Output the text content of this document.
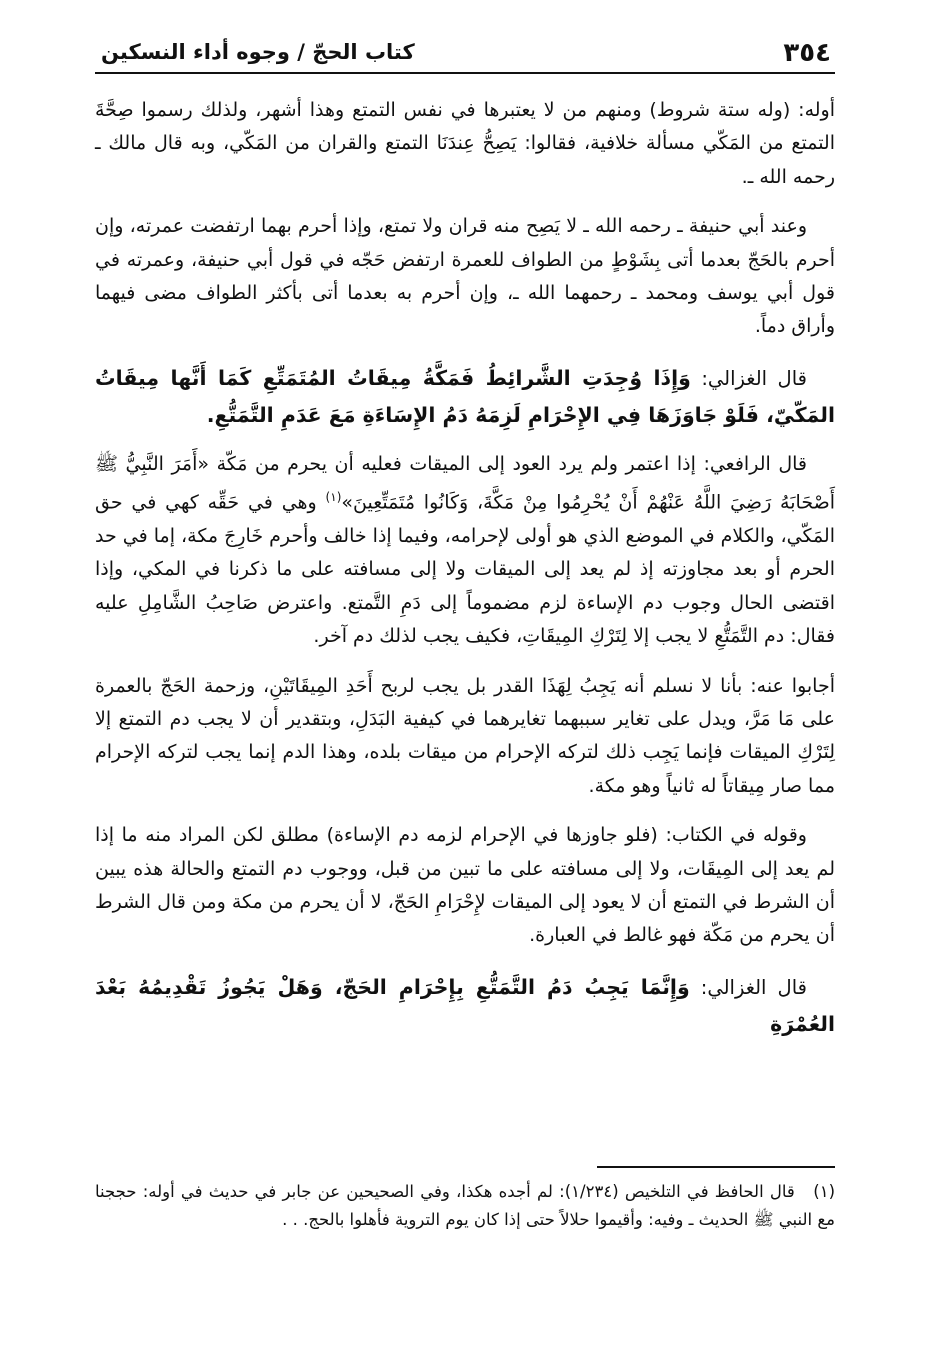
٣٥٤
كتاب الحجّ / وجوه أداء النسكين

أوله: (وله ستة شروط) ومنهم من لا يعتبرها في نفس التمتع وهذا أشهر، ولذلك رسموا صِحَّةَ التمتع من المَكّي مسألة خلافية، فقالوا: يَصِحُّ عِندَنَا التمتع والقران من المَكّي، وبه قال مالك ـ رحمه الله ـ.

وعند أبي حنيفة ـ رحمه الله ـ لا يَصِح منه قران ولا تمتع، وإذا أحرم بهما ارتفضت عمرته، وإن أحرم بالحَجّ بعدما أتى بِشَوْطٍ من الطواف للعمرة ارتفض حَجّه في قول أبي حنيفة، وعمرته في قول أبي يوسف ومحمد ـ رحمهما الله ـ، وإن أحرم به بعدما أتى بأكثر الطواف مضى فيهما وأراق دماً.

قال الغزالي: وَإِذَا وُجِدَتِ الشَّرائِطُ فَمَكَّةُ مِيقَاتُ المُتَمَتِّعِ كَمَا أَنَّها مِيقَاتُ المَكّيّ، فَلَوْ جَاوَزَهَا فِي الإِحْرَامِ لَزِمَهُ دَمُ الإِسَاءَةِ مَعَ عَدَمِ التَّمَتُّعِ.

قال الرافعي: إذا اعتمر ولم يرد العود إلى الميقات فعليه أن يحرم من مَكّة «أَمَرَ النَّبِيُّ ﷺ أَصْحَابَهُ رَضِيَ اللَّهُ عَنْهُمْ أَنْ يُحْرِمُوا مِنْ مَكَّةَ، وَكَانُوا مُتَمَتِّعِينَ»$^{(١)}$ وهي في حَقِّه كهي في حق المَكّي، والكلام في الموضع الذي هو أولى لإحرامه، وفيما إذا خالف وأحرم خَارِجَ مكة، إما في حد الحرم أو بعد مجاوزته إذ لم يعد إلى الميقات ولا إلى مسافته على ما ذكرنا في المكي، وإذا اقتضى الحال وجوب دم الإساءة لزم مضموماً إلى دَمِ التَّمتع. واعترض صَاحِبُ الشَّامِلِ عليه فقال: دم التَّمَتُّعِ لا يجب إلا لِتَرْكِ المِيقَاتِ، فكيف يجب لذلك دم آخر.

أجابوا عنه: بأنا لا نسلم أنه يَجِبُ لِهَذَا القدر بل يجب لربح أَحَدِ المِيقَاتَيْنِ، وزحمة الحَجّ بالعمرة على مَا مَرَّ، ويدل على تغاير سببهما تغايرهما في كيفية البَدَلِ، وبتقدير أن لا يجب دم التمتع إلا لِتَرْكِ الميقات فإنما يَجِب ذلك لتركه الإحرام من ميقات بلده، وهذا الدم إنما يجب لتركه الإحرام مما صار مِيقاتاً له ثانياً وهو مكة.

وقوله في الكتاب: (فلو جاوزها في الإحرام لزمه دم الإساءة) مطلق لكن المراد منه ما إذا لم يعد إلى المِيقَات، ولا إلى مسافته على ما تبين من قبل، ووجوب دم التمتع والحالة هذه يبين أن الشرط في التمتع أن لا يعود إلى الميقات لإِحْرَامِ الحَجّ، لا أن يحرم من مكة ومن قال الشرط أن يحرم من مَكّة فهو غالط في العبارة.

قال الغزالي: وَإِنَّمَا يَجِبُ دَمُ التَّمَتُّعِ بِإِحْرَامِ الحَجّ، وَهَلْ يَجُوزُ تَقْدِيمُهُ بَعْدَ العُمْرَةِ

(١) قال الحافظ في التلخيص (١/٢٣٤): لم أجده هكذا، وفي الصحيحين عن جابر في حديث في أوله: حججنا مع النبي ﷺ الحديث ـ وفيه: وأقيموا حلالاً حتى إذا كان يوم التروية فأهلوا بالحج. . .
